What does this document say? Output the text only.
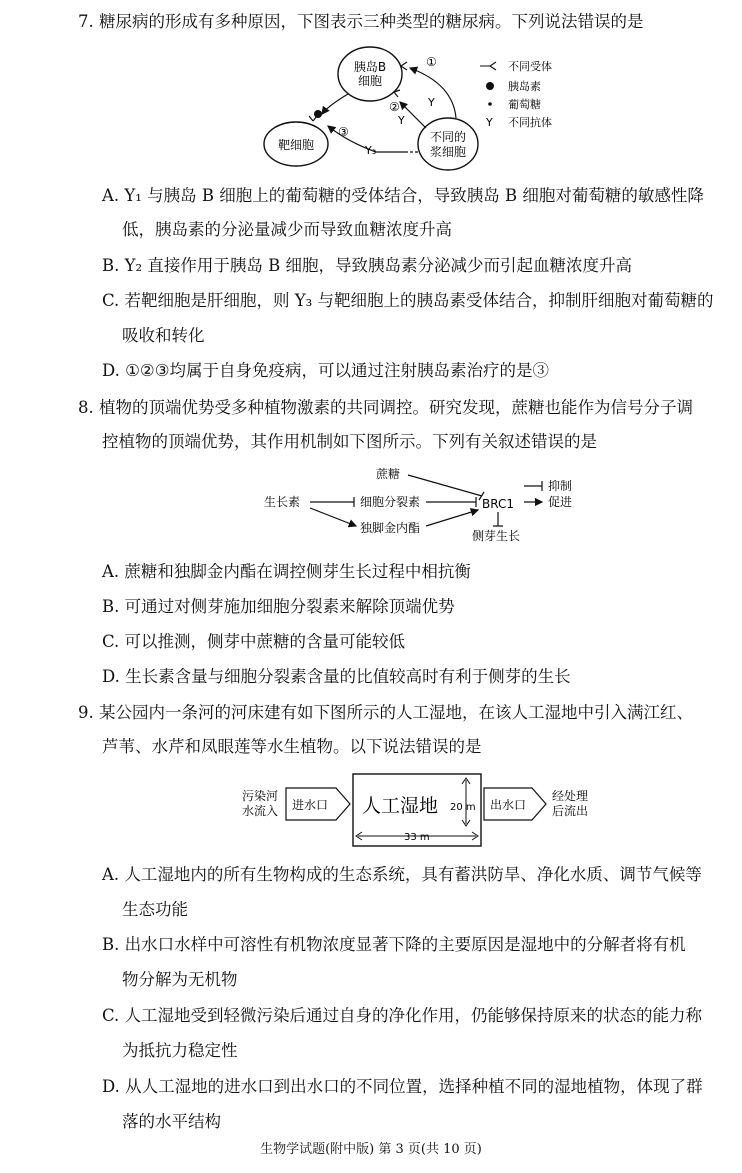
7. 糖尿病的形成有多种原因，下图表示三种类型的糖尿病。下列说法错误的是
胰岛B
细胞
靶细胞
不同的
浆细胞
①
Y
②
Y
③
Y₃
不同受体
胰岛素
葡萄糖
Y 不同抗体
A. Y₁ 与胰岛 B 细胞上的葡萄糖的受体结合，导致胰岛 B 细胞对葡萄糖的敏感性降
低，胰岛素的分泌量减少而导致血糖浓度升高
B. Y₂ 直接作用于胰岛 B 细胞，导致胰岛素分泌减少而引起血糖浓度升高
C. 若靶细胞是肝细胞，则 Y₃ 与靶细胞上的胰岛素受体结合，抑制肝细胞对葡萄糖的
吸收和转化
D. ①②③均属于自身免疫病，可以通过注射胰岛素治疗的是③
8. 植物的顶端优势受多种植物激素的共同调控。研究发现，蔗糖也能作为信号分子调
控植物的顶端优势，其作用机制如下图所示。下列有关叙述错误的是
蔗糖
生长素	细胞分裂素
独脚金内酯
BRC1
侧芽生长
抑制
促进
A. 蔗糖和独脚金内酯在调控侧芽生长过程中相抗衡
B. 可通过对侧芽施加细胞分裂素来解除顶端优势
C. 可以推测，侧芽中蔗糖的含量可能较低
D. 生长素含量与细胞分裂素含量的比值较高时有利于侧芽的生长
9. 某公园内一条河的河床建有如下图所示的人工湿地，在该人工湿地中引入满江红、
芦苇、水芹和凤眼莲等水生植物。以下说法错误的是
污染河
水流入 进水口 人工湿地 20 m
33 m
出水口
经处理
后流出
A. 人工湿地内的所有生物构成的生态系统，具有蓄洪防旱、净化水质、调节气候等
生态功能
B. 出水口水样中可溶性有机物浓度显著下降的主要原因是湿地中的分解者将有机
物分解为无机物
C. 人工湿地受到轻微污染后通过自身的净化作用，仍能够保持原来的状态的能力称
为抵抗力稳定性
D. 从人工湿地的进水口到出水口的不同位置，选择种植不同的湿地植物，体现了群
落的水平结构
生物学试题(附中版) 第 3 页(共 10 页)
